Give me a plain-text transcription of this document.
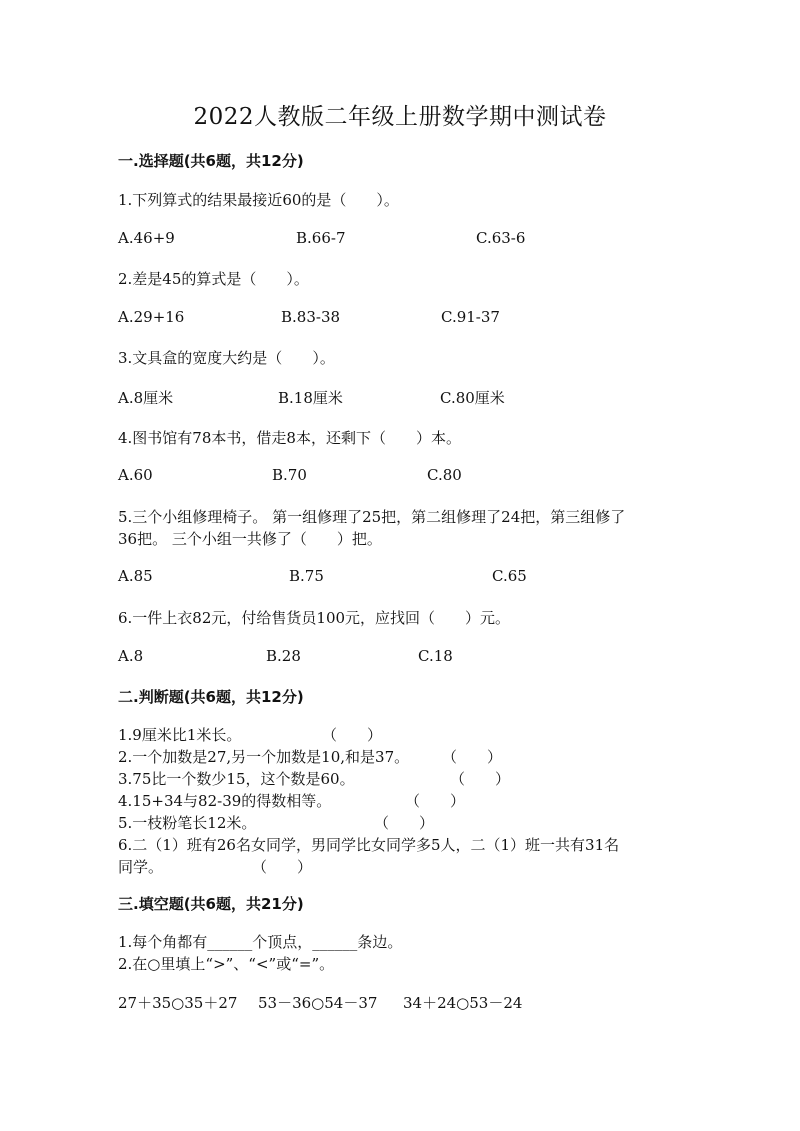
2022人教版二年级上册数学期中测试卷
一.选择题(共6题，共12分)
1.下列算式的结果最接近60的是（　　）。
A.46+9	B.66-7	C.63-6
2.差是45的算式是（　　）。
A.29+16	B.83-38	C.91-37
3.文具盒的宽度大约是（　　）。
A.8厘米	B.18厘米	C.80厘米
4.图书馆有78本书，借走8本，还剩下（　　）本。
A.60	B.70	C.80
5.三个小组修理椅子。 第一组修理了25把，第二组修理了24把，第三组修了
36把。 三个小组一共修了（　　）把。
A.85	B.75	C.65
6.一件上衣82元，付给售货员100元，应找回（　　）元。
A.8	B.28	C.18
二.判断题(共6题，共12分)
1.9厘米比1米长。	（　　）
2.一个加数是27,另一个加数是10,和是37。 （　　）
3.75比一个数少15，这个数是60。	（　　）
4.15+34与82-39的得数相等。	（　　）
5.一枝粉笔长12米。	（　　）
6.二（1）班有26名女同学，男同学比女同学多5人，二（1）班一共有31名
同学。	（　　）
三.填空题(共6题，共21分)
1.每个角都有______个顶点，______条边。
2.在○里填上“>”、“<”或“=”。
27＋35○35＋27 53－36○54－37 34＋24○53－24
